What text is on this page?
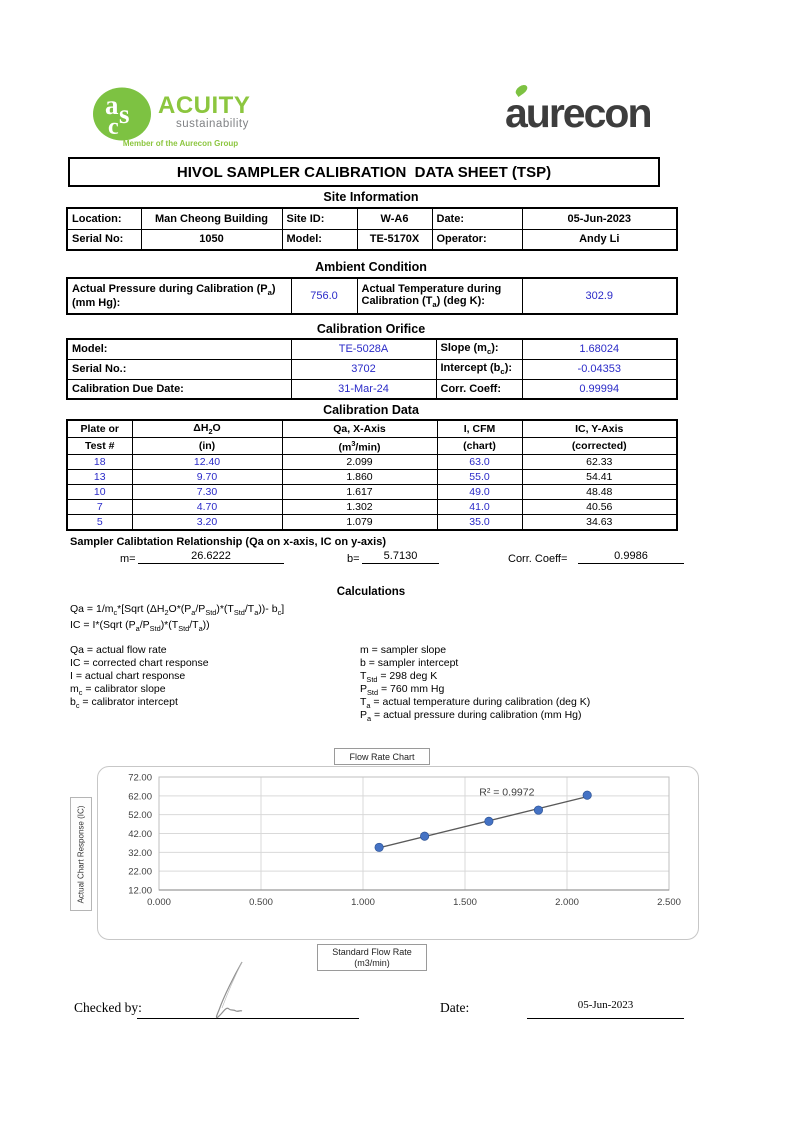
a s
c
ACUITY
sustainability
Member of the Aurecon Group
aurecon
HIVOL SAMPLER CALIBRATION  DATA SHEET (TSP)
Site Information
Location:	Man Cheong Building	Site ID:	W-A6	Date:	05-Jun-2023
Serial No:	1050	Model:	TE-5170X	Operator:	Andy Li
Ambient Condition
Actual Pressure during Calibration $(P_a)$
(mm Hg):	756.0	Actual Temperature during
Calibration $(T_a)$ (deg K):	302.9
Calibration Orifice
Model:	TE-5028A	Slope $(m_c)$:	1.68024
Serial No.:	3702	Intercept $(b_c)$:	-0.04353
Calibration Due Date:	31-Mar-24	Corr. Coeff:	0.99994
Calibration Data
Plate or	$\Delta H_2O$	Qa, X-Axis	I, CFM	IC, Y-Axis
Test #	(in)	$(m^3/\min)$	(chart)	(corrected)
18	12.40	2.099	63.0	62.33
13	9.70	1.860	55.0	54.41
10	7.30	1.617	49.0	48.48
7	4.70	1.302	41.0	40.56
5	3.20	1.079	35.0	34.63
Sampler Calibtation Relationship (Qa on x-axis, IC on y-axis)
m=	26.6222	b=	5.7130	Corr. Coeff=	0.9986
Calculations
$Qa = 1/m_c*[Sqrt$ $(\Delta H_2O*(P_a/P_{Std})*(T_{Std}/T_a))-$ $b_c$]
IC = I*(Sqrt $(P_a/P_{Std})*(T_{Std}/T_a)$)
Qa = actual flow rate
IC = corrected chart response
I = actual chart response
$m_c$ = calibrator slope
$b_c$ = calibrator intercept
m = sampler slope
b = sampler intercept
$T_{Std} = 298$ deg K
$P_{Std} = 760$ mm Hg
$T_a$ = actual temperature during calibration (deg K)
$P_a$ = actual pressure during calibration (mm Hg)
Flow Rate Chart
72.00
62.00
52.00
42.00
32.00
22.00
12.00
0.000	0.500	1.000	1.500	2.000	2.500
R² = 0.9972
Actual Chart Response (IC)
Standard Flow Rate
(m3/min)
Checked by:	Date:	05-Jun-2023
